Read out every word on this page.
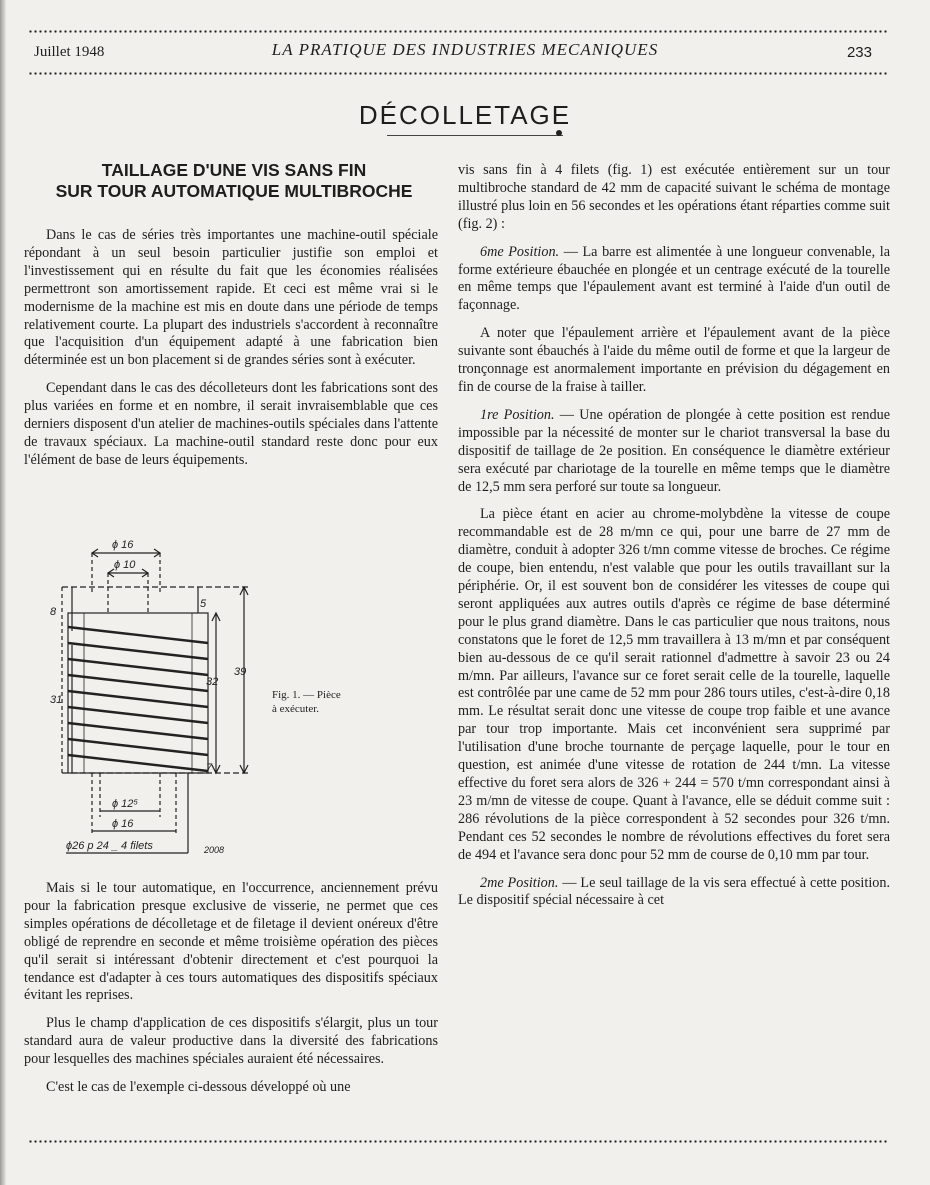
Juillet 1948	LA PRATIQUE DES INDUSTRIES MECANIQUES	233
DÉCOLLETAGE
TAILLAGE D'UNE VIS SANS FIN
SUR TOUR AUTOMATIQUE MULTIBROCHE

Dans le cas de séries très importantes une machine-outil spéciale répondant à un seul besoin particulier justifie son emploi et l'investissement qui en résulte du fait que les économies réalisées permettront son amortissement rapide. Et ceci est même vrai si le modernisme de la machine est mis en doute dans une période de temps relativement courte. La plupart des industriels s'accordent à reconnaître que l'acquisition d'un équipement adapté à une fabrication bien déterminée est un bon placement si de grandes séries sont à exécuter.

Cependant dans le cas des décolleteurs dont les fabrications sont des plus variées en forme et en nombre, il serait invraisemblable que ces derniers disposent d'un atelier de machines-outils spéciales dans l'attente de travaux spéciaux. La machine-outil standard reste donc pour eux l'élément de base de leurs équipements.

ϕ 16
ϕ 10
5
32
39
8
31
7
ϕ 12⁵
ϕ 16
ϕ26 p 24 _ 4 filets	2008
Fig. 1. — Pièce à exécuter.

Mais si le tour automatique, en l'occurrence, anciennement prévu pour la fabrication presque exclusive de visserie, ne permet que ces simples opérations de décolletage et de filetage il devient onéreux d'être obligé de reprendre en seconde et même troisième opération des pièces qu'il serait si intéressant d'obtenir directement et c'est pourquoi la tendance est d'adapter à ces tours automatiques des dispositifs spéciaux évitant les reprises.

Plus le champ d'application de ces dispositifs s'élargit, plus un tour standard aura de valeur productive dans la diversité des fabrications pour lesquelles des machines spéciales auraient été nécessaires.

C'est le cas de l'exemple ci-dessous développé où une

vis sans fin à 4 filets (fig. 1) est exécutée entièrement sur un tour multibroche standard de 42 mm de capacité suivant le schéma de montage illustré plus loin en 56 secondes et les opérations étant réparties comme suit (fig. 2) :

6me Position. — La barre est alimentée à une longueur convenable, la forme extérieure ébauchée en plongée et un centrage exécuté de la tourelle en même temps que l'épaulement avant est terminé à l'aide d'un outil de façonnage.

A noter que l'épaulement arrière et l'épaulement avant de la pièce suivante sont ébauchés à l'aide du même outil de forme et que la largeur de tronçonnage est anormalement importante en prévision du dégagement en fin de course de la fraise à tailler.

1re Position. — Une opération de plongée à cette position est rendue impossible par la nécessité de monter sur le chariot transversal la base du dispositif de taillage de 2e position. En conséquence le diamètre extérieur sera exécuté par chariotage de la tourelle en même temps que le diamètre de 12,5 mm sera perforé sur toute sa longueur.

La pièce étant en acier au chrome-molybdène la vitesse de coupe recommandable est de 28 m/mn ce qui, pour une barre de 27 mm de diamètre, conduit à adopter 326 t/mn comme vitesse de broches. Ce régime de coupe, bien entendu, n'est valable que pour les outils travaillant sur la périphérie. Or, il est souvent bon de considérer les vitesses de coupe qui seront appliquées aux autres outils d'après ce régime de base déterminé pour le plus grand diamètre. Dans le cas particulier que nous traitons, nous constatons que le foret de 12,5 mm travaillera à 13 m/mn et par conséquent bien au-dessous de ce qu'il serait rationnel d'admettre à savoir 23 ou 24 m/mn. Par ailleurs, l'avance sur ce foret serait celle de la tourelle, laquelle est contrôlée par une came de 52 mm pour 286 tours utiles, c'est-à-dire 0,18 mm. Le résultat serait donc une vitesse de coupe trop faible et une avance par tour trop importante. Mais cet inconvénient sera supprimé par l'utilisation d'une broche tournante de perçage laquelle, pour le tour en question, est animée d'une vitesse de rotation de 244 t/mn. La vitesse effective du foret sera alors de 326 + 244 = 570 t/mn correspondant ainsi à 23 m/mn de vitesse de coupe. Quant à l'avance, elle se déduit comme suit : 286 révolutions de la pièce correspondent à 52 secondes pour 326 t/mn. Pendant ces 52 secondes le nombre de révolutions effectives du foret sera de 494 et l'avance sera donc pour 52 mm de course de 0,10 mm par tour.

2me Position. — Le seul taillage de la vis sera effectué à cette position. Le dispositif spécial nécessaire à cet
